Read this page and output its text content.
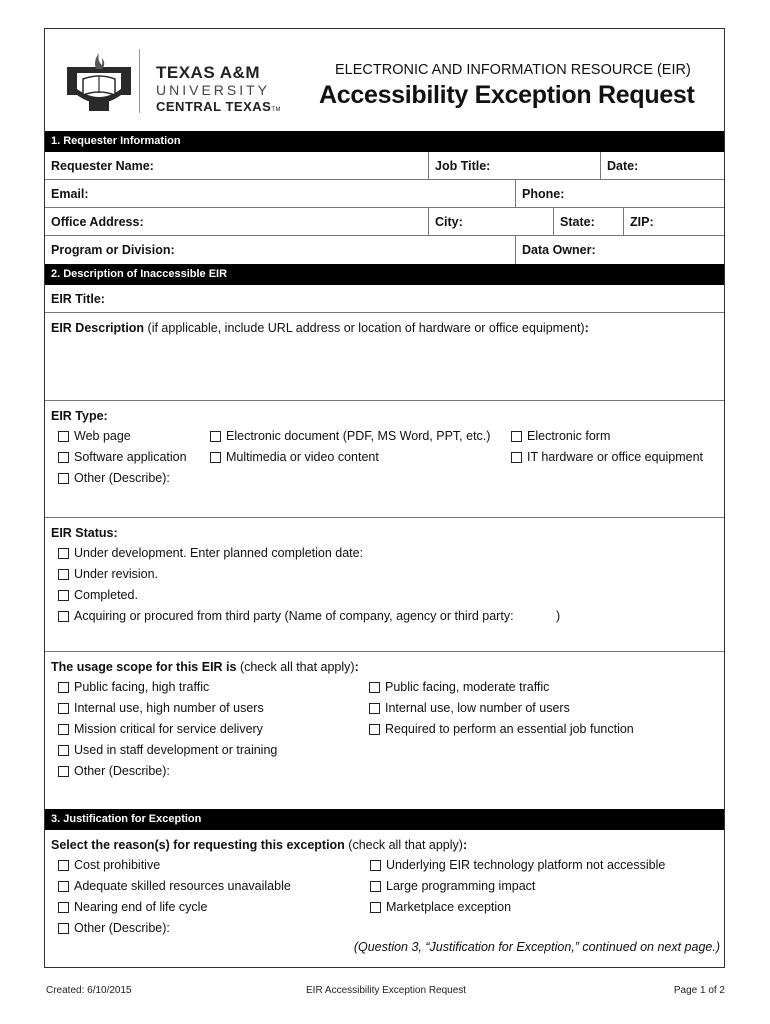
TEXAS A&M
UNIVERSITY
CENTRAL TEXASTM
ELECTRONIC AND INFORMATION RESOURCE (EIR)
Accessibility Exception Request
1. Requester Information
Requester Name:	Job Title:	Date:
Email:	Phone:
Office Address:	City:	State:	ZIP:
Program or Division:	Data Owner:
2. Description of Inaccessible EIR
EIR Title:
EIR Description (if applicable, include URL address or location of hardware or office equipment):
EIR Type:
Web page	Electronic document (PDF, MS Word, PPT, etc.)	Electronic form
Software application	Multimedia or video content	IT hardware or office equipment
Other (Describe):
EIR Status:
Under development. Enter planned completion date:
Under revision.
Completed.
Acquiring or procured from third party (Name of company, agency or third party:	)
The usage scope for this EIR is (check all that apply):
Public facing, high traffic	Public facing, moderate traffic
Internal use, high number of users	Internal use, low number of users
Mission critical for service delivery	Required to perform an essential job function
Used in staff development or training
Other (Describe):
3. Justification for Exception
Select the reason(s) for requesting this exception (check all that apply):
Cost prohibitive	Underlying EIR technology platform not accessible
Adequate skilled resources unavailable	Large programming impact
Nearing end of life cycle	Marketplace exception
Other (Describe):
(Question 3, “Justification for Exception,” continued on next page.)
Created: 6/10/2015	EIR Accessibility Exception Request	Page 1 of 2
